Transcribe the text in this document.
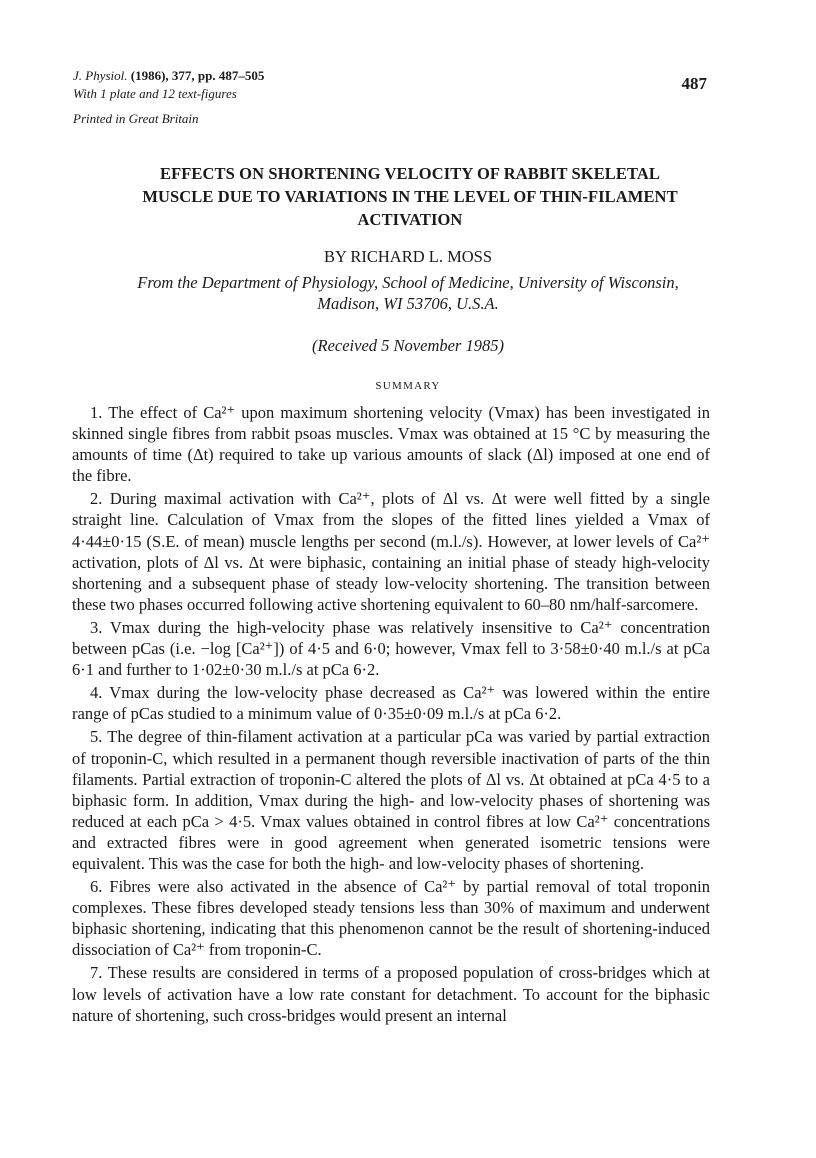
J. Physiol. (1986), 377, pp. 487–505
With 1 plate and 12 text-figures
Printed in Great Britain
487
EFFECTS ON SHORTENING VELOCITY OF RABBIT SKELETAL
MUSCLE DUE TO VARIATIONS IN THE LEVEL OF THIN-FILAMENT
ACTIVATION
BY RICHARD L. MOSS
From the Department of Physiology, School of Medicine, University of Wisconsin,
Madison, WI 53706, U.S.A.
(Received 5 November 1985)
SUMMARY

1. The effect of Ca²⁺ upon maximum shortening velocity (Vmax) has been investigated in skinned single fibres from rabbit psoas muscles. Vmax was obtained at 15 °C by measuring the amounts of time (Δt) required to take up various amounts of slack (Δl) imposed at one end of the fibre.

2. During maximal activation with Ca²⁺, plots of Δl vs. Δt were well fitted by a single straight line. Calculation of Vmax from the slopes of the fitted lines yielded a Vmax of 4·44±0·15 (S.E. of mean) muscle lengths per second (m.l./s). However, at lower levels of Ca²⁺ activation, plots of Δl vs. Δt were biphasic, containing an initial phase of steady high-velocity shortening and a subsequent phase of steady low-velocity shortening. The transition between these two phases occurred following active shortening equivalent to 60–80 nm/half-sarcomere.

3. Vmax during the high-velocity phase was relatively insensitive to Ca²⁺ concentration between pCas (i.e. −log [Ca²⁺]) of 4·5 and 6·0; however, Vmax fell to 3·58±0·40 m.l./s at pCa 6·1 and further to 1·02±0·30 m.l./s at pCa 6·2.

4. Vmax during the low-velocity phase decreased as Ca²⁺ was lowered within the entire range of pCas studied to a minimum value of 0·35±0·09 m.l./s at pCa 6·2.

5. The degree of thin-filament activation at a particular pCa was varied by partial extraction of troponin-C, which resulted in a permanent though reversible inactivation of parts of the thin filaments. Partial extraction of troponin-C altered the plots of Δl vs. Δt obtained at pCa 4·5 to a biphasic form. In addition, Vmax during the high- and low-velocity phases of shortening was reduced at each pCa > 4·5. Vmax values obtained in control fibres at low Ca²⁺ concentrations and extracted fibres were in good agreement when generated isometric tensions were equivalent. This was the case for both the high- and low-velocity phases of shortening.

6. Fibres were also activated in the absence of Ca²⁺ by partial removal of total troponin complexes. These fibres developed steady tensions less than 30% of maximum and underwent biphasic shortening, indicating that this phenomenon cannot be the result of shortening-induced dissociation of Ca²⁺ from troponin-C.

7. These results are considered in terms of a proposed population of cross-bridges which at low levels of activation have a low rate constant for detachment. To account for the biphasic nature of shortening, such cross-bridges would present an internal
